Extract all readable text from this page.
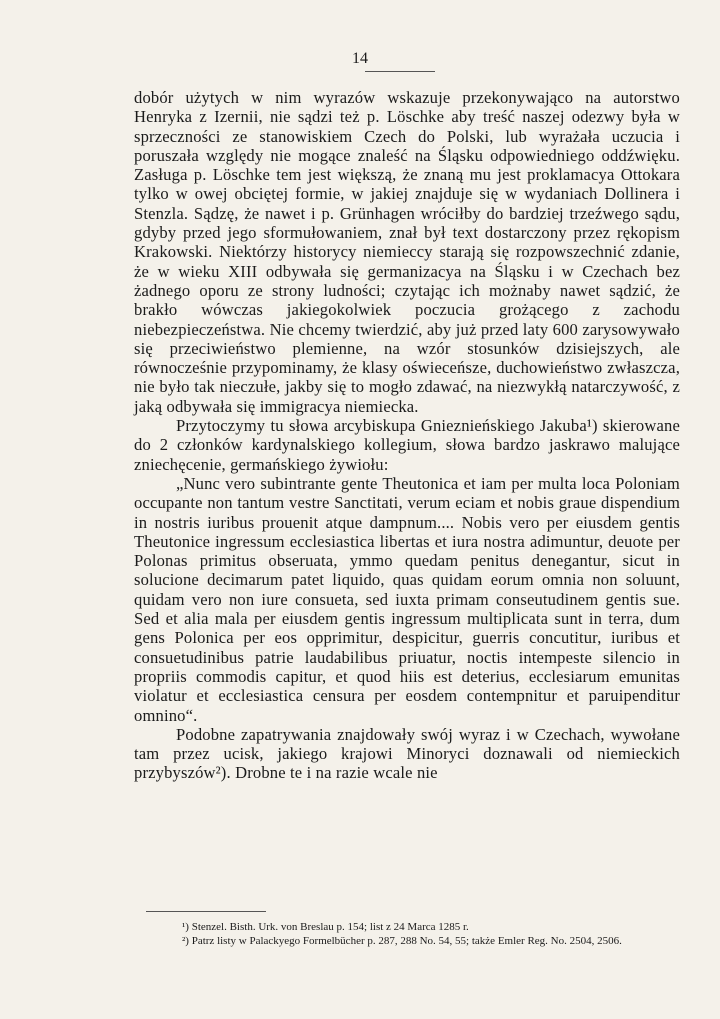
14

dobór użytych w nim wyrazów wskazuje przekonywająco na autorstwo Henryka z Izernii, nie sądzi też p. Löschke aby treść naszej odezwy była w sprzeczności ze stanowiskiem Czech do Polski, lub wyrażała uczucia i poruszała względy nie mogące znaleść na Śląsku odpowiedniego oddźwięku. Zasługa p. Löschke tem jest większą, że znaną mu jest proklamacya Ottokara tylko w owej obciętej formie, w jakiej znajduje się w wydaniach Dollinera i Stenzla. Sądzę, że nawet i p. Grünhagen wróciłby do bardziej trzeźwego sądu, gdyby przed jego sformułowaniem, znał był text dostarczony przez rękopism Krakowski. Niektórzy historycy niemieccy starają się rozpowszechnić zdanie, że w wieku XIII odbywała się germanizacya na Śląsku i w Czechach bez żadnego oporu ze strony ludności; czytając ich możnaby nawet sądzić, że brakło wówczas jakiegokolwiek poczucia grożącego z zachodu niebezpieczeństwa. Nie chcemy twierdzić, aby już przed laty 600 zarysowywało się przeciwieństwo plemienne, na wzór stosunków dzisiejszych, ale równocześnie przypominamy, że klasy oświeceńsze, duchowieństwo zwłaszcza, nie było tak nieczułe, jakby się to mogło zdawać, na niezwykłą natarczywość, z jaką odbywała się immigracya niemiecka.

Przytoczymy tu słowa arcybiskupa Gnieznieńskiego Jakuba¹) skierowane do 2 członków kardynalskiego kollegium, słowa bardzo jaskrawo malujące zniechęcenie, germańskiego żywiołu:

„Nunc vero subintrante gente Theutonica et iam per multa loca Poloniam occupante non tantum vestre Sanctitati, verum eciam et nobis graue dispendium in nostris iuribus prouenit atque dampnum.... Nobis vero per eiusdem gentis Theutonice ingressum ecclesiastica libertas et iura nostra adimuntur, deuote per Polonas primitus obseruata, ymmo quedam penitus denegantur, sicut in solucione decimarum patet liquido, quas quidam eorum omnia non soluunt, quidam vero non iure consueta, sed iuxta primam conseutudinem gentis sue. Sed et alia mala per eiusdem gentis ingressum multiplicata sunt in terra, dum gens Polonica per eos opprimitur, despicitur, guerris concutitur, iuribus et consuetudinibus patrie laudabilibus priuatur, noctis intempeste silencio in propriis commodis capitur, et quod hiis est deterius, ecclesiarum emunitas violatur et ecclesiastica censura per eosdem contempnitur et paruipenditur omnino“.

Podobne zapatrywania znajdowały swój wyraz i w Czechach, wywołane tam przez ucisk, jakiego krajowi Minoryci doznawali od niemieckich przybyszów²). Drobne te i na razie wcale nie

¹) Stenzel. Bisth. Urk. von Breslau p. 154; list z 24 Marca 1285 r.

²) Patrz listy w Palackyego Formelbücher p. 287, 288 No. 54, 55; także Emler Reg. No. 2504, 2506.
